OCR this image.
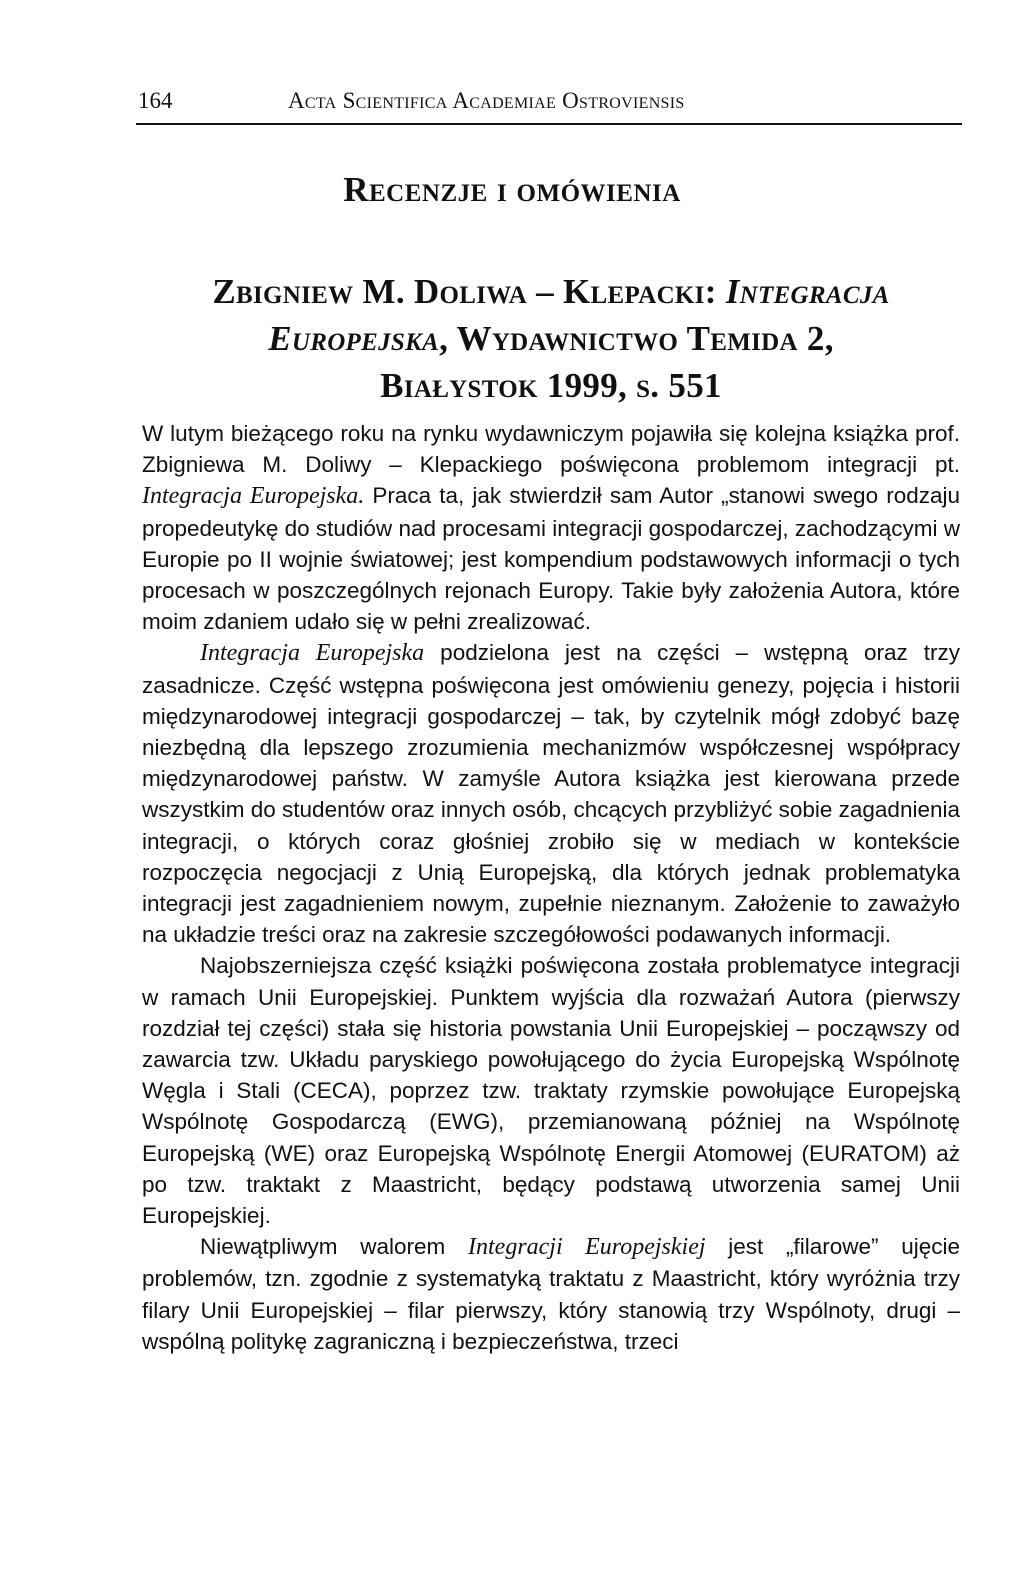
164	Acta Scientifica Academiae Ostroviensis
Recenzje i omówienia
Zbigniew M. Doliwa – Klepacki: Integracja
Europejska, Wydawnictwo Temida 2,
Białystok 1999, s. 551

W lutym bieżącego roku na rynku wydawniczym pojawiła się kolejna książka prof. Zbigniewa M. Doliwy – Klepackiego poświęcona problemom integracji pt. Integracja Europejska. Praca ta, jak stwierdził sam Autor „stanowi swego rodzaju propedeutykę do studiów nad procesami integracji gospodarczej, zachodzącymi w Europie po II wojnie światowej; jest kompendium podstawowych informacji o tych procesach w poszczególnych rejonach Europy. Takie były założenia Autora, które moim zdaniem udało się w pełni zrealizować.

Integracja Europejska podzielona jest na części – wstępną oraz trzy zasadnicze. Część wstępna poświęcona jest omówieniu genezy, pojęcia i historii międzynarodowej integracji gospodarczej – tak, by czytelnik mógł zdobyć bazę niezbędną dla lepszego zrozumienia mechanizmów współczesnej współpracy międzynarodowej państw. W zamyśle Autora książka jest kierowana przede wszystkim do studentów oraz innych osób, chcących przybliżyć sobie zagadnienia integracji, o których coraz głośniej zrobiło się w mediach w kontekście rozpoczęcia negocjacji z Unią Europejską, dla których jednak problematyka integracji jest zagadnieniem nowym, zupełnie nieznanym. Założenie to zaważyło na układzie treści oraz na zakresie szczegółowości podawanych informacji.

Najobszerniejsza część książki poświęcona została problematyce integracji w ramach Unii Europejskiej. Punktem wyjścia dla rozważań Autora (pierwszy rozdział tej części) stała się historia powstania Unii Europejskiej – począwszy od zawarcia tzw. Układu paryskiego powołującego do życia Europejską Wspólnotę Węgla i Stali (CECA), poprzez tzw. traktaty rzymskie powołujące Europejską Wspólnotę Gospodarczą (EWG), przemianowaną później na Wspólnotę Europejską (WE) oraz Europejską Wspólnotę Energii Atomowej (EURATOM) aż po tzw. traktakt z Maastricht, będący podstawą utworzenia samej Unii Europejskiej.

Niewątpliwym walorem Integracji Europejskiej jest „filarowe” ujęcie problemów, tzn. zgodnie z systematyką traktatu z Maastricht, który wyróżnia trzy filary Unii Europejskiej – filar pierwszy, który stanowią trzy Wspólnoty, drugi – wspólną politykę zagraniczną i bezpieczeństwa, trzeci
